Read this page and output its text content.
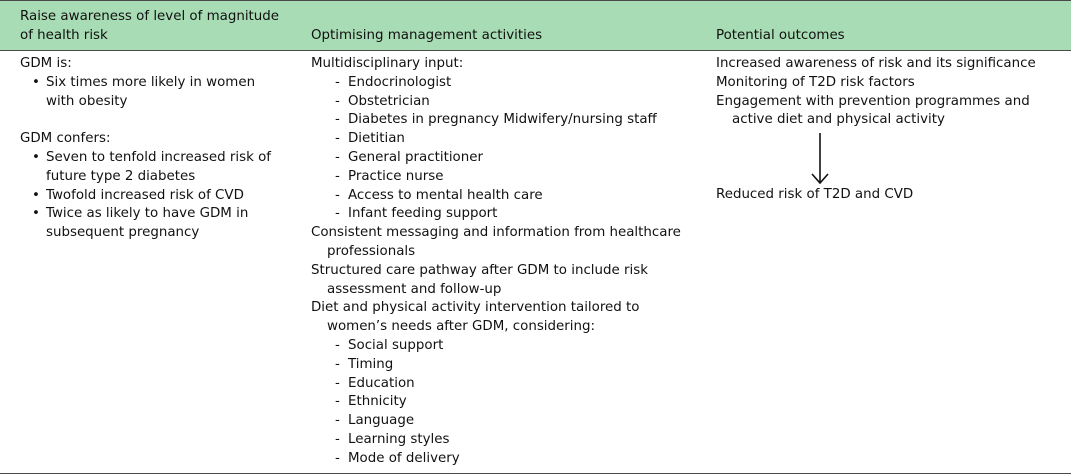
Raise awareness of level of magnitude
of health risk	Optimising management activities	Potential outcomes
GDM is:
• Six times more likely in women
with obesity
GDM confers:
• Seven to tenfold increased risk of
future type 2 diabetes
• Twofold increased risk of CVD
• Twice as likely to have GDM in
subsequent pregnancy
Multidisciplinary input:
- Endocrinologist
- Obstetrician
- Diabetes in pregnancy Midwifery/nursing staff
- Dietitian
- General practitioner
- Practice nurse
- Access to mental health care
- Infant feeding support
Consistent messaging and information from healthcare
professionals
Structured care pathway after GDM to include risk
assessment and follow-up
Diet and physical activity intervention tailored to
women’s needs after GDM, considering:
- Social support
- Timing
- Education
- Ethnicity
- Language
- Learning styles
- Mode of delivery
Increased awareness of risk and its significance
Monitoring of T2D risk factors
Engagement with prevention programmes and
active diet and physical activity
Reduced risk of T2D and CVD
